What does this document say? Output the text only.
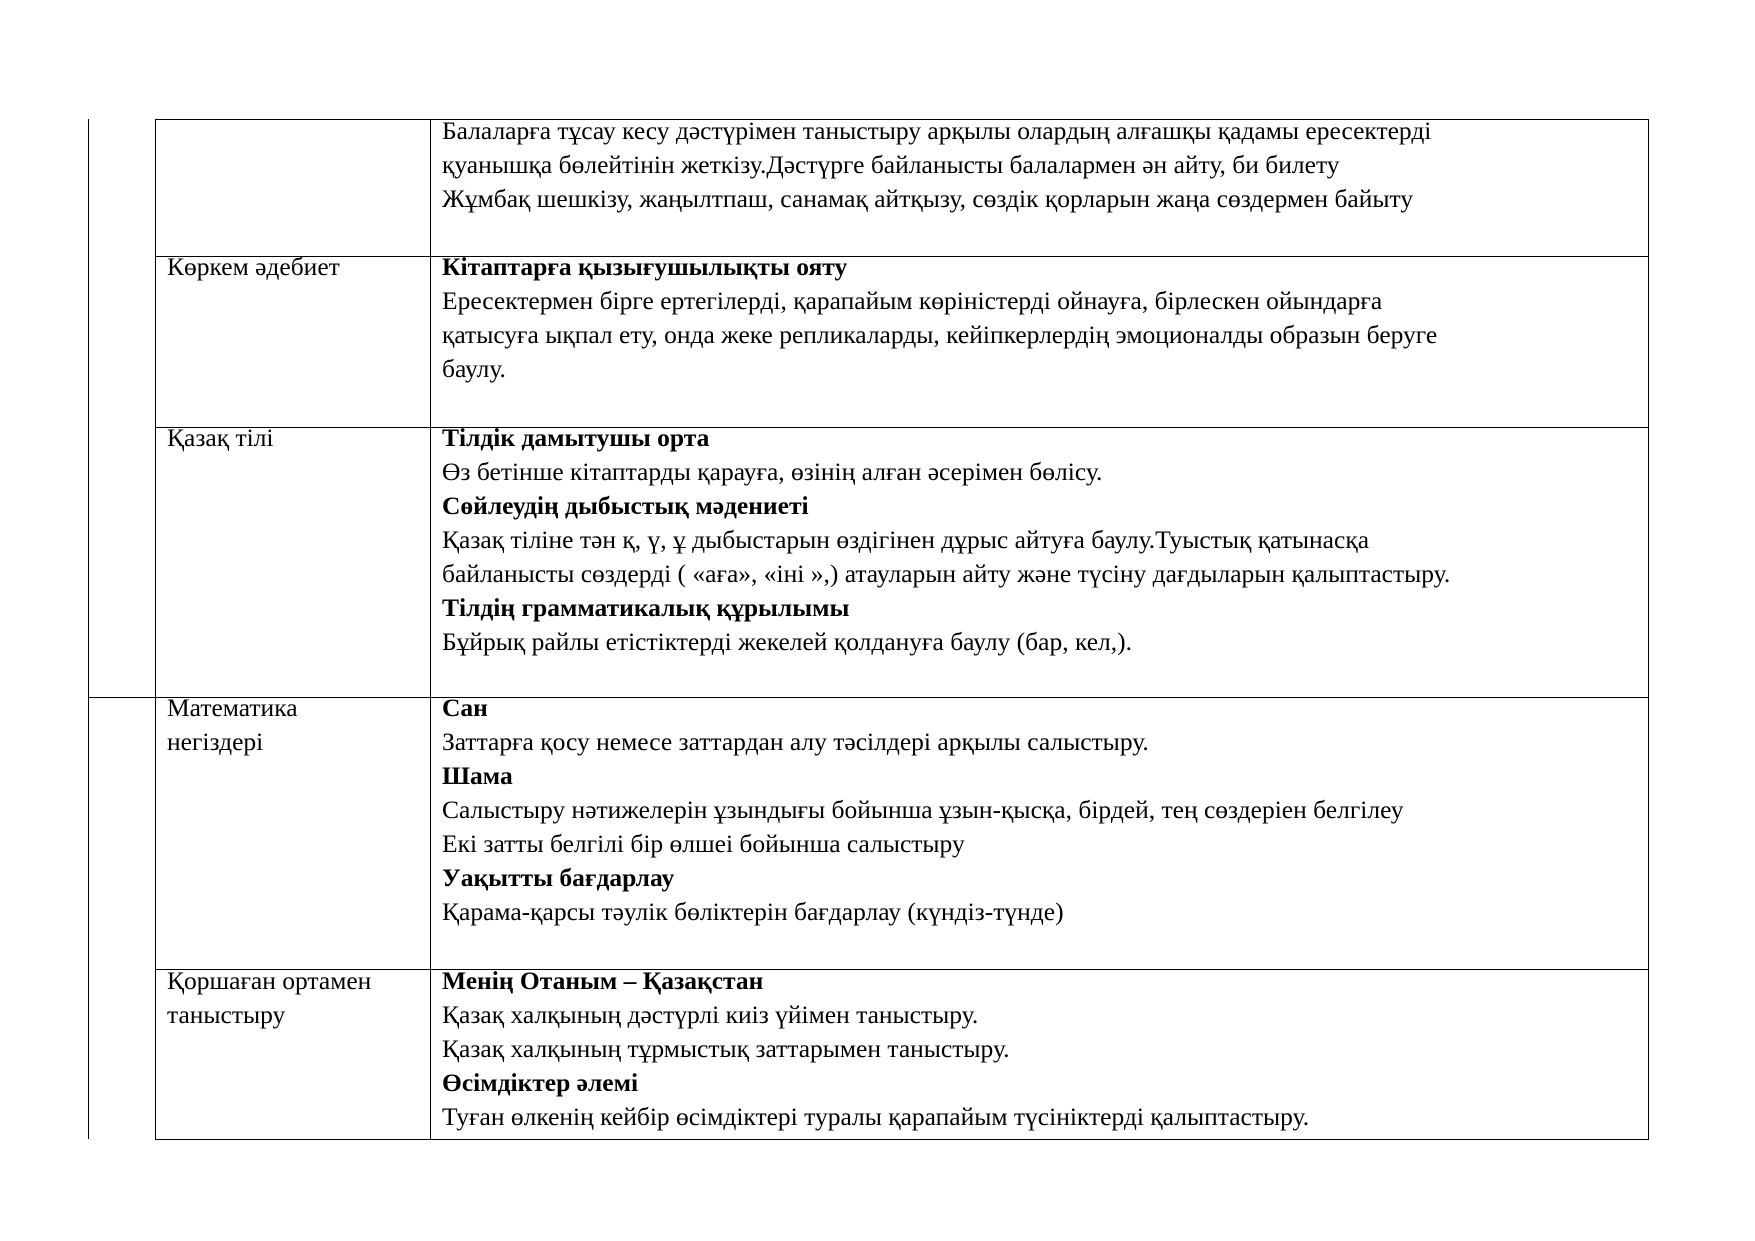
Балаларға тұсау кесу дәстүрімен таныстыру арқылы олардың алғашқы қадамы ересектерді
қуанышқа бөлейтінін жеткізу.Дәстүрге байланысты балалармен ән айту, би билету
Жұмбақ шешкізу, жаңылтпаш, санамақ айтқызу, сөздік қорларын жаңа сөздермен байыту
Көркем әдебиет	Кітаптарға қызығушылықты ояту
Ересектермен бірге ертегілерді, қарапайым көріністерді ойнауға, бірлескен ойындарға
қатысуға ықпал ету, онда жеке репликаларды, кейіпкерлердің эмоционалды образын беруге
баулу.
Қазақ тілі	Тілдік дамытушы орта
Өз бетінше кітаптарды қарауға, өзінің алған әсерімен бөлісу.
Сөйлеудің дыбыстық мәдениеті
Қазақ тіліне тән қ, ү, ұ дыбыстарын өздігінен дұрыс айтуға баулу.Туыстық қатынасқа
байланысты сөздерді ( «аға», «іні »,) атауларын айту және түсіну дағдыларын қалыптастыру.
Тілдің грамматикалық құрылымы
Бұйрық райлы етістіктерді жекелей қолдануға баулу (бар, кел,).
Математика
негіздері
Сан
Заттарға қосу немесе заттардан алу тәсілдері арқылы салыстыру.
Шама
Салыстыру нәтижелерін ұзындығы бойынша ұзын-қысқа, бірдей, тең сөздеріен белгілеу
Екі затты белгілі бір өлшеі бойынша салыстыру
Уақытты бағдарлау
Қарама-қарсы тәулік бөліктерін бағдарлау (күндіз-түнде)
Қоршаған ортамен
таныстыру
Менің Отаным – Қазақстан
Қазақ халқының дәстүрлі киіз үйімен таныстыру.
Қазақ халқының тұрмыстық заттарымен таныстыру.
Өсімдіктер әлемі
Туған өлкенің кейбір өсімдіктері туралы қарапайым түсініктерді қалыптастыру.
